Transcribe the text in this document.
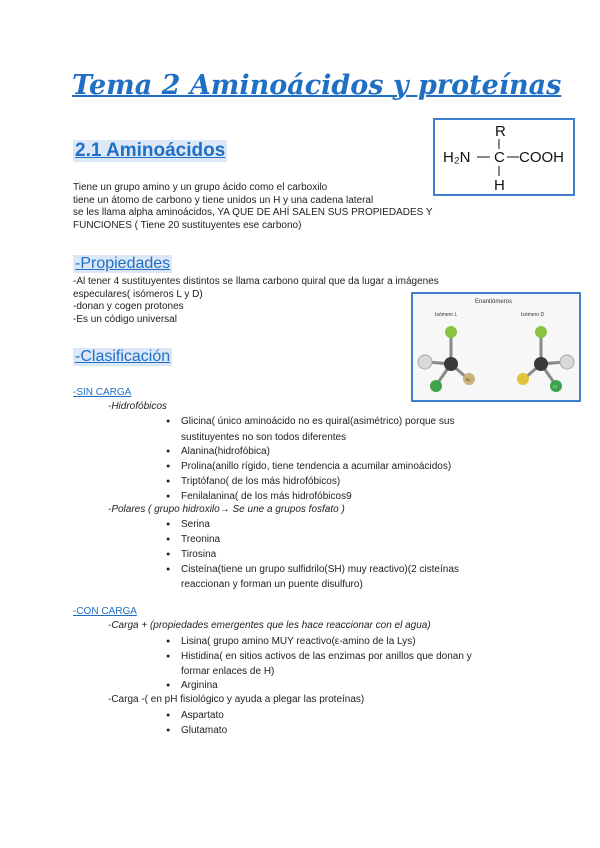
Tema 2 Aminoácidos y proteínas
2.1 Aminoácidos
R
H₂N C COOH
H
Tiene un grupo amino y un grupo ácido como el carboxilo
tiene un átomo de carbono y tiene unidos un H y una cadena lateral
se les llama alpha aminoácidos, YA QUE DE AHÍ SALEN SUS PROPIEDADES Y
FUNCIONES ( Tiene 20 sustituyentes ese carbono)
-Propiedades
-Al tener 4 sustituyentes distintos se llama carbono quiral que da lugar a imágenes
especulares( isómeros L y D)
-donan y cogen protones
-Es un código universal
Enantiómeros
Isómero L	Isómero D
Br
Cl
-Clasificación
-SIN CARGA
-Hidrofóbicos
● Glicina( único aminoácido no es quiral(asimétrico) porque sus
sustituyentes no son todos diferentes
● Alanina(hidrofóbica)
● Prolina(anillo rígido, tiene tendencia a acumilar aminoácidos)
● Triptófano( de los más hidrofóbicos)
● Fenilalanina( de los más hidrofóbicos9
-Polares ( grupo hidroxilo→ Se une a grupos fosfato )
● Serina
● Treonina
● Tirosina
● Cisteína(tiene un grupo sulfidrilo(SH) muy reactivo)(2 cisteínas
reaccionan y forman un puente disulfuro)
-CON CARGA
-Carga + (propiedades emergentes que les hace reaccionar con el agua)
● Lisina( grupo amino MUY reactivo(ε-amino de la Lys)
● Histidina( en sitios activos de las enzimas por anillos que donan y
formar enlaces de H)
● Arginina
-Carga -( en pH fisiológico y ayuda a plegar las proteínas)
● Aspartato
● Glutamato
